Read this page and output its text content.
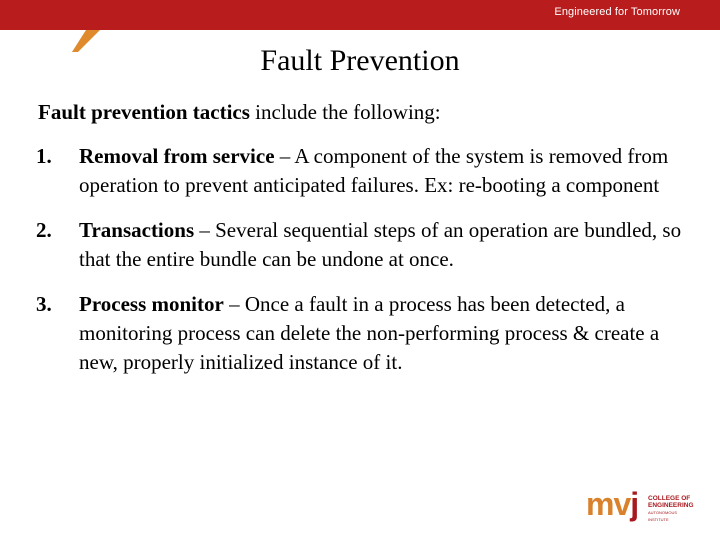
Engineered for Tomorrow
Fault Prevention
Fault prevention tactics include the following:
1. Removal from service – A component of the system is removed from operation to prevent anticipated failures. Ex: re-booting a component
2. Transactions – Several sequential steps of an operation are bundled, so that the entire bundle can be undone at once.
3. Process monitor – Once a fault in a process has been detected, a monitoring process can delete the non-performing process & create a new, properly initialized instance of it.
mvj COLLEGE OF
ENGINEERING
AUTONOMOUS INSTITUTE
